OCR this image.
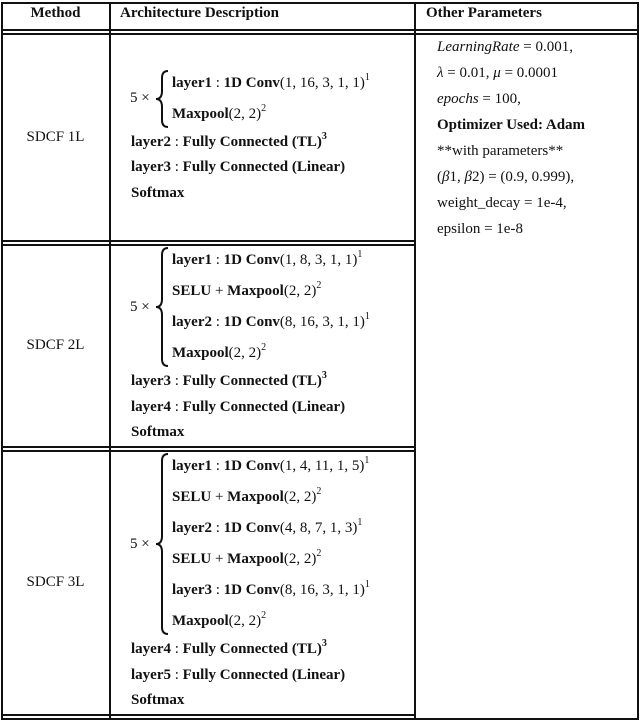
Method	Architecture Description	Other Parameters
SDCF 1L
5 ×
layer1 : 1D Conv(1, 16, 3, 1, 1)$^1$
Maxpool(2, 2)$^2$
layer2 : Fully Connected (TL)$^3$
layer3 : Fully Connected (Linear)
Softmax
SDCF 2L
5 ×
layer1 : 1D Conv(1, 8, 3, 1, 1)$^1$
SELU + Maxpool(2, 2)$^2$
layer2 : 1D Conv(8, 16, 3, 1, 1)$^1$
Maxpool(2, 2)$^2$
layer3 : Fully Connected (TL)$^3$
layer4 : Fully Connected (Linear)
Softmax
SDCF 3L
5 ×
layer1 : 1D Conv(1, 4, 11, 1, 5)$^1$
SELU + Maxpool(2, 2)$^2$
layer2 : 1D Conv(4, 8, 7, 1, 3)$^1$
SELU + Maxpool(2, 2)$^2$
layer3 : 1D Conv(8, 16, 3, 1, 1)$^1$
Maxpool(2, 2)$^2$
layer4 : Fully Connected (TL)$^3$
layer5 : Fully Connected (Linear)
Softmax
LearningRate = 0.001,
λ = 0.01, μ = 0.0001
epochs = 100,
Optimizer Used: Adam
**with parameters**
(β1, β2) = (0.9, 0.999),
weight_decay = 1e-4,
epsilon = 1e-8
